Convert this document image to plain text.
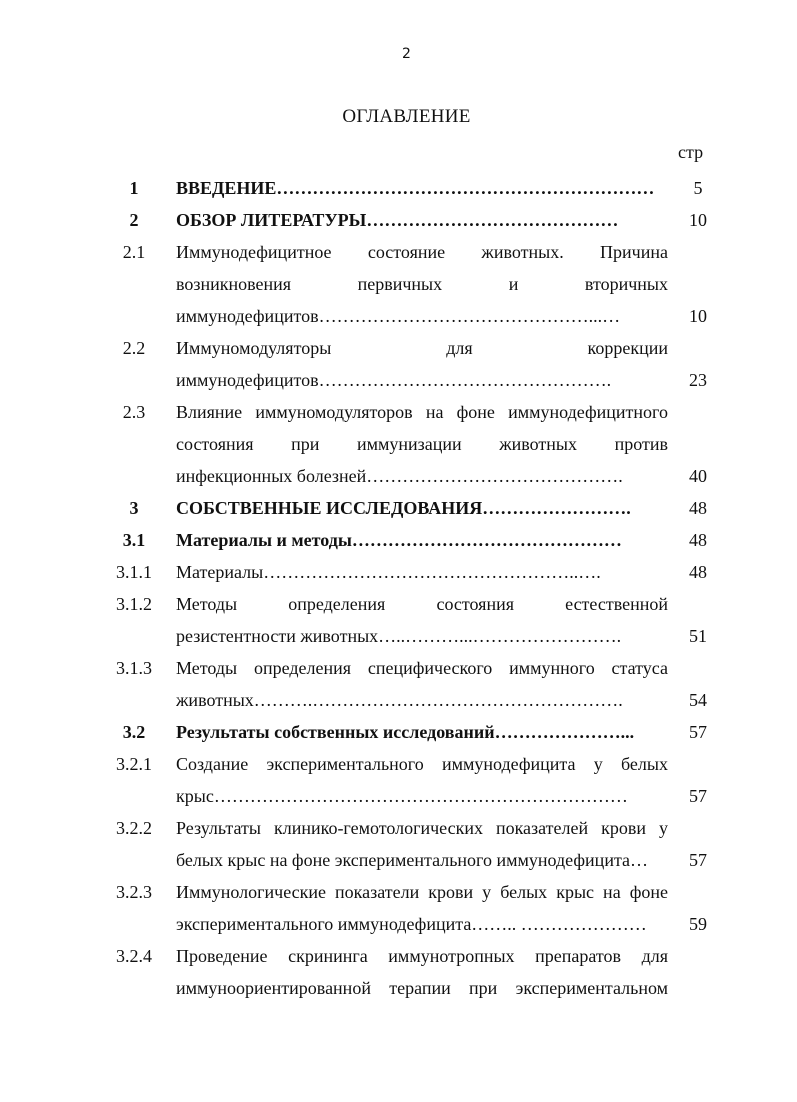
2
ОГЛАВЛЕНИЕ
стр
1	ВВЕДЕНИЕ………………………………………………………	5
2	ОБЗОР ЛИТЕРАТУРЫ……………………………………	10
2.1	Иммунодефицитное состояние животных. Причина
возникновения первичных и вторичных
иммунодефицитов………………………………………...…	10
2.2	Иммуномодуляторы для коррекции
иммунодефицитов………………………………………….	23
2.3	Влияние иммуномодуляторов на фоне иммунодефицитного
состояния при иммунизации животных против
инфекционных болезней…………………………………….	40
3	СОБСТВЕННЫЕ ИССЛЕДОВАНИЯ…………………….	48
3.1	Материалы и методы………………………………………	48
3.1.1	Материалы……………………………………………..….	48
3.1.2	Методы определения состояния естественной
резистентности животных…..………...…………………….	51
3.1.3	Методы определения специфического иммунного статуса
животных……….…………………………………………….	54
3.2	Результаты собственных исследований…………………...	57
3.2.1	Создание экспериментального иммунодефицита у белых
крыс……………………………………………………………	57
3.2.2	Результаты клинико-гемотологических показателей крови у
белых крыс на фоне экспериментального иммунодефицита…	57
3.2.3	Иммунологические показатели крови у белых крыс на фоне
экспериментального иммунодефицита…….. …………………	59
3.2.4	Проведение скрининга иммунотропных препаратов для
иммуноориентированной терапии при экспериментальном
